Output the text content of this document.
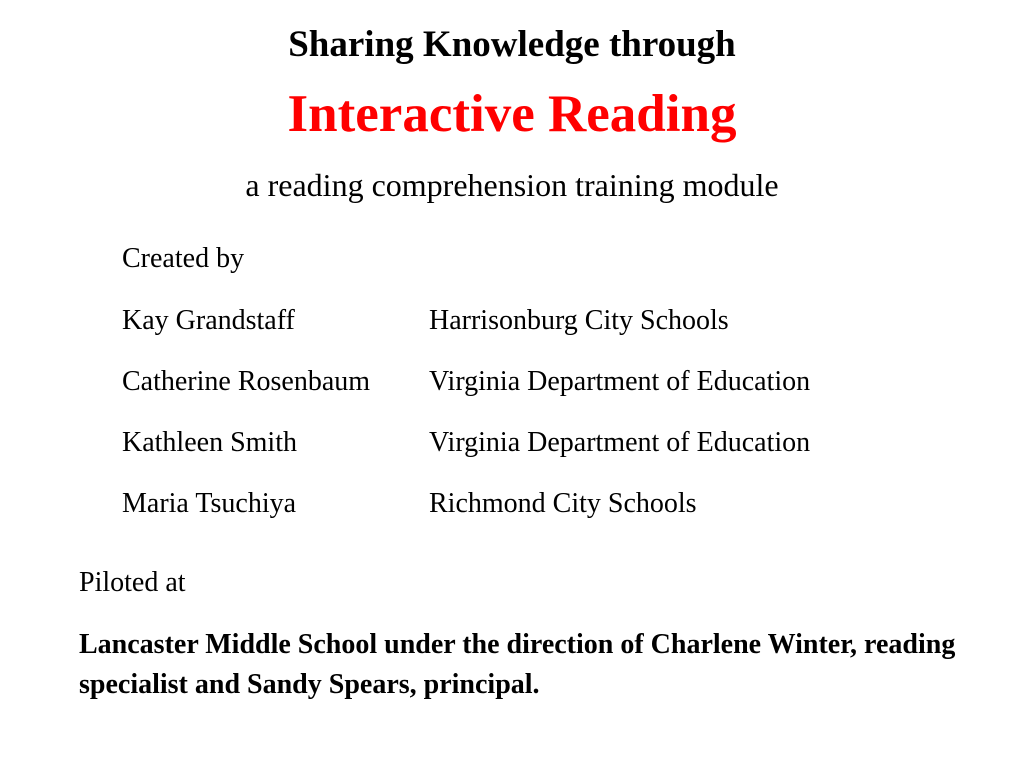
Sharing Knowledge through
Interactive Reading
a reading comprehension training module
Created by
Kay Grandstaff	Harrisonburg City Schools
Catherine Rosenbaum	Virginia Department of Education
Kathleen Smith	Virginia Department of Education
Maria Tsuchiya	Richmond City Schools
Piloted at
Lancaster Middle School under the direction of Charlene Winter, reading specialist and Sandy Spears, principal.
